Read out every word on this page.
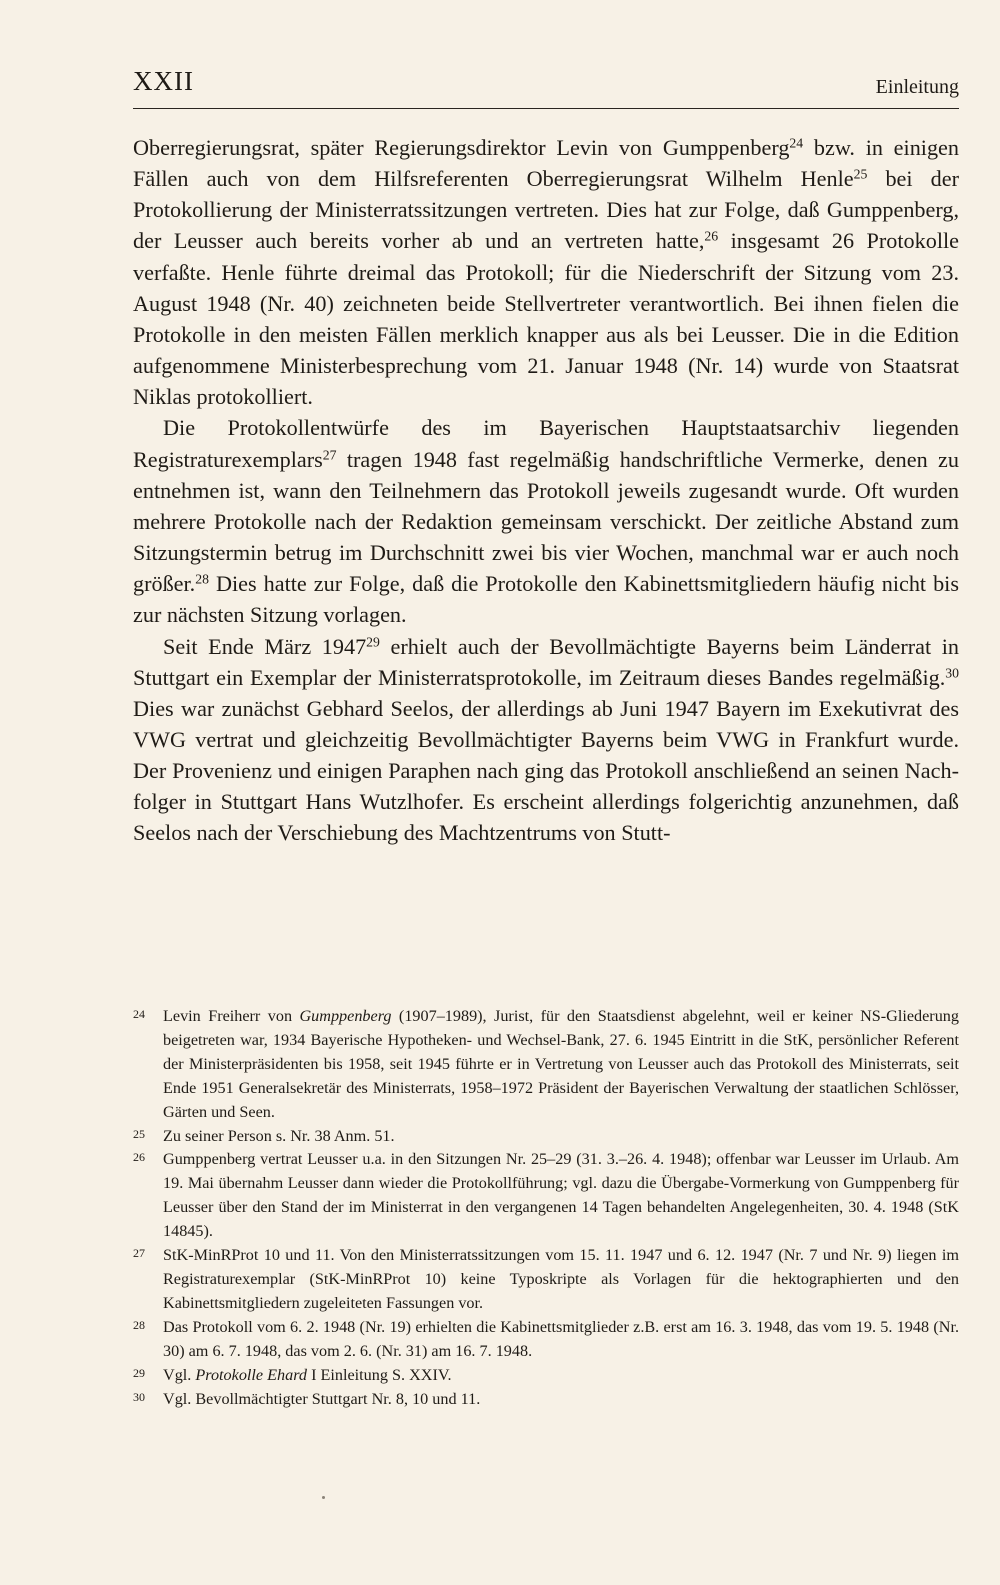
XXII	Einleitung

Oberregierungsrat, später Regierungsdirektor Levin von Gumppenberg$^{24}$ bzw. in einigen Fällen auch von dem Hilfsreferenten Oberregierungsrat Wilhelm Henle$^{25}$ bei der Protokollierung der Ministerratssitzungen vertreten. Dies hat zur Folge, daß Gumppenberg, der Leusser auch bereits vorher ab und an vertreten hatte,$^{26}$ insgesamt 26 Protokolle verfaßte. Henle führte dreimal das Protokoll; für die Niederschrift der Sitzung vom 23. August 1948 (Nr. 40) zeichneten beide Stellvertreter verantwortlich. Bei ihnen fielen die Protokolle in den meisten Fällen merklich knapper aus als bei Leusser. Die in die Edition aufgenommene Ministerbesprechung vom 21. Januar 1948 (Nr. 14) wurde von Staatsrat Niklas protokolliert.

Die Protokollentwürfe des im Bayerischen Hauptstaatsarchiv liegenden Registraturexemplars$^{27}$ tragen 1948 fast regelmäßig handschriftliche Vermerke, denen zu entnehmen ist, wann den Teilnehmern das Protokoll jeweils zugesandt wurde. Oft wurden mehrere Protokolle nach der Redaktion gemeinsam verschickt. Der zeitliche Abstand zum Sitzungstermin betrug im Durchschnitt zwei bis vier Wochen, manchmal war er auch noch größer.$^{28}$ Dies hatte zur Folge, daß die Protokolle den Kabinettsmitgliedern häufig nicht bis zur nächsten Sitzung vorlagen.

Seit Ende März 1947$^{29}$ erhielt auch der Bevollmächtigte Bayerns beim Länderrat in Stuttgart ein Exemplar der Ministerratsprotokolle, im Zeitraum dieses Bandes regelmäßig.$^{30}$ Dies war zunächst Gebhard Seelos, der allerdings ab Juni 1947 Bayern im Exekutivrat des VWG vertrat und gleichzeitig Bevollmächtigter Bayerns beim VWG in Frankfurt wurde. Der Provenienz und einigen Paraphen nach ging das Protokoll anschließend an seinen Nachfolger in Stuttgart Hans Wutzlhofer. Es erscheint allerdings folgerichtig anzunehmen, daß Seelos nach der Verschiebung des Machtzentrums von Stutt-

24 Levin Freiherr von Gumppenberg (1907–1989), Jurist, für den Staatsdienst abgelehnt, weil er keiner NS-Gliederung beigetreten war, 1934 Bayerische Hypotheken- und Wechsel-Bank, 27. 6. 1945 Eintritt in die StK, persönlicher Referent der Ministerpräsidenten bis 1958, seit 1945 führte er in Vertretung von Leusser auch das Protokoll des Ministerrats, seit Ende 1951 Generalsekretär des Ministerrats, 1958–1972 Präsident der Bayerischen Verwaltung der staatlichen Schlösser, Gärten und Seen.
25 Zu seiner Person s. Nr. 38 Anm. 51.
26 Gumppenberg vertrat Leusser u.a. in den Sitzungen Nr. 25–29 (31. 3.–26. 4. 1948); offenbar war Leusser im Urlaub. Am 19. Mai übernahm Leusser dann wieder die Protokollführung; vgl. dazu die Übergabe-Vormerkung von Gumppenberg für Leusser über den Stand der im Ministerrat in den vergangenen 14 Tagen behandelten Angelegenheiten, 30. 4. 1948 (StK 14845).
27 StK-MinRProt 10 und 11. Von den Ministerratssitzungen vom 15. 11. 1947 und 6. 12. 1947 (Nr. 7 und Nr. 9) liegen im Registraturexemplar (StK-MinRProt 10) keine Typoskripte als Vorlagen für die hektographierten und den Kabinettsmitgliedern zugeleiteten Fassungen vor.
28 Das Protokoll vom 6. 2. 1948 (Nr. 19) erhielten die Kabinettsmitglieder z.B. erst am 16. 3. 1948, das vom 19. 5. 1948 (Nr. 30) am 6. 7. 1948, das vom 2. 6. (Nr. 31) am 16. 7. 1948.
29 Vgl. Protokolle Ehard I Einleitung S. XXIV.
30 Vgl. Bevollmächtigter Stuttgart Nr. 8, 10 und 11.
